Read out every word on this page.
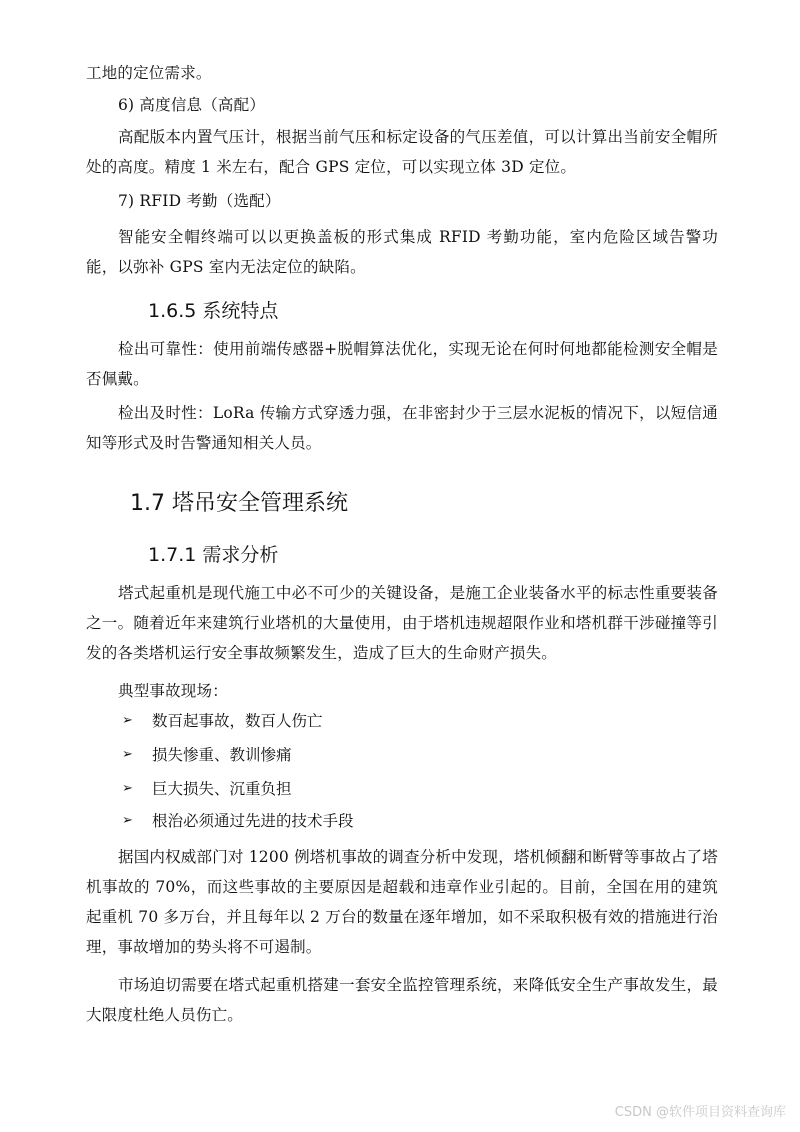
工地的定位需求。

6) 高度信息（高配）

高配版本内置气压计，根据当前气压和标定设备的气压差值，可以计算出当前安全帽所处的高度。精度 1 米左右，配合 GPS 定位，可以实现立体 3D 定位。

7) RFID 考勤（选配）

智能安全帽终端可以以更换盖板的形式集成 RFID 考勤功能，室内危险区域告警功能，以弥补 GPS 室内无法定位的缺陷。

1.6.5 系统特点

检出可靠性：使用前端传感器+脱帽算法优化，实现无论在何时何地都能检测安全帽是否佩戴。

检出及时性：LoRa 传输方式穿透力强，在非密封少于三层水泥板的情况下，以短信通知等形式及时告警通知相关人员。

1.7 塔吊安全管理系统
1.7.1 需求分析

塔式起重机是现代施工中必不可少的关键设备，是施工企业装备水平的标志性重要装备之一。随着近年来建筑行业塔机的大量使用，由于塔机违规超限作业和塔机群干涉碰撞等引发的各类塔机运行安全事故频繁发生，造成了巨大的生命财产损失。

典型事故现场：

➢ 数百起事故，数百人伤亡
➢ 损失惨重、教训惨痛
➢ 巨大损失、沉重负担
➢ 根治必须通过先进的技术手段

据国内权威部门对 1200 例塔机事故的调查分析中发现，塔机倾翻和断臂等事故占了塔机事故的 70%，而这些事故的主要原因是超载和违章作业引起的。目前，全国在用的建筑起重机 70 多万台，并且每年以 2 万台的数量在逐年增加，如不采取积极有效的措施进行治理，事故增加的势头将不可遏制。

市场迫切需要在塔式起重机搭建一套安全监控管理系统，来降低安全生产事故发生，最大限度杜绝人员伤亡。

CSDN @软件项目资料查询库
